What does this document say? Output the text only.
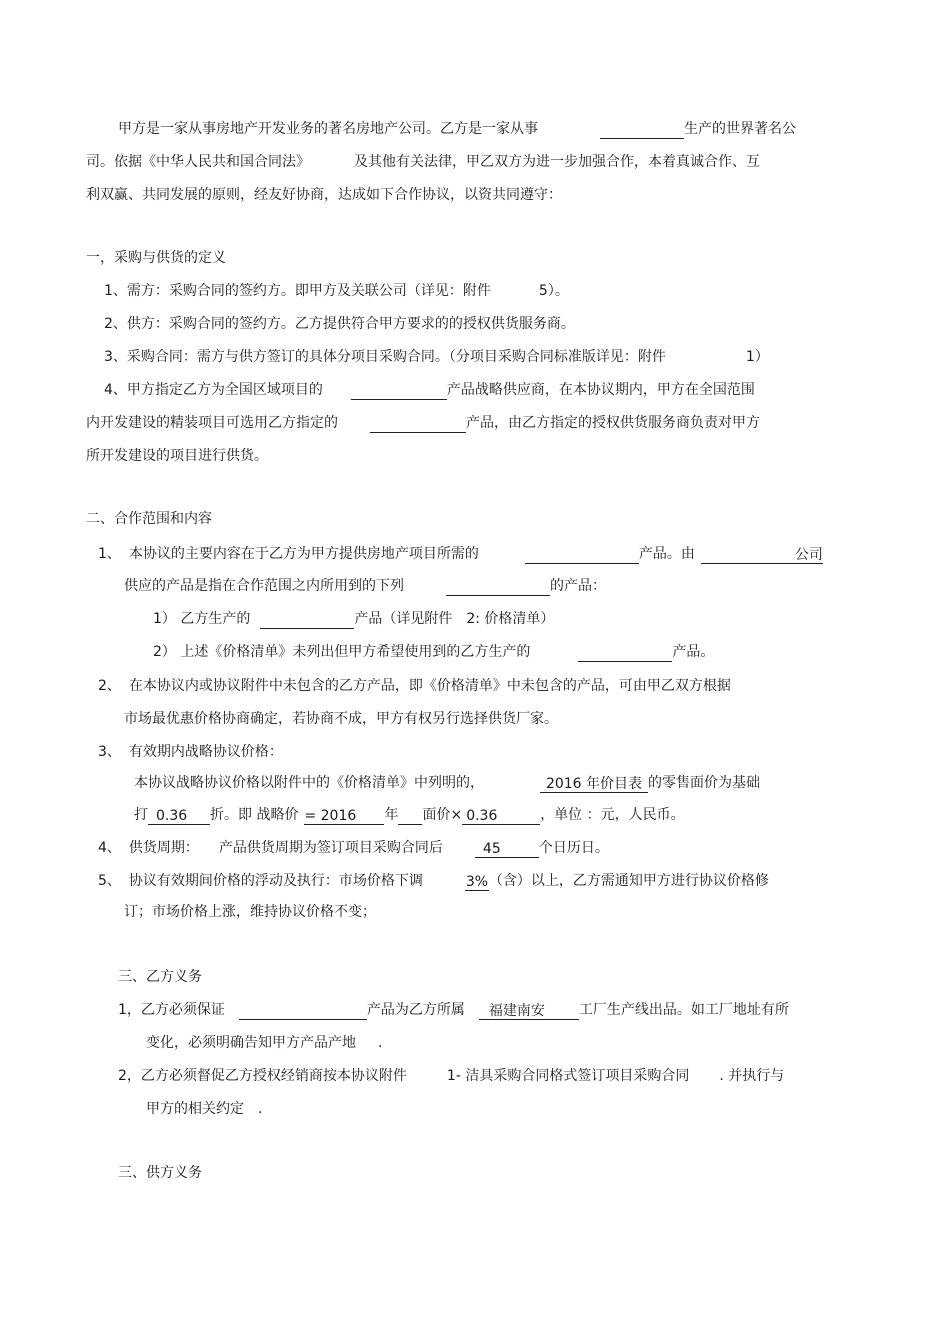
甲方是一家从事房地产开发业务的著名房地产公司。乙方是一家从事	生产的世界著名公
司。依据《中华人民共和国合同法》	及其他有关法律，甲乙双方为进一步加强合作，本着真诚合作、互
利双赢、共同发展的原则，经友好协商，达成如下合作协议，以资共同遵守：
一，采购与供货的定义
1、需方：采购合同的签约方。即甲方及关联公司（详见：附件	5）。
2、供方：采购合同的签约方。乙方提供符合甲方要求的的授权供货服务商。
3、采购合同：需方与供方签订的具体分项目采购合同。（分项目采购合同标准版详见：附件	1）
4、甲方指定乙方为全国区域项目的	产品战略供应商，在本协议期内，甲方在全国范围
内开发建设的精装项目可选用乙方指定的	产品，由乙方指定的授权供货服务商负责对甲方
所开发建设的项目进行供货。
二、合作范围和内容
1、 本协议的主要内容在于乙方为甲方提供房地产项目所需的	产品。由	公司
供应的产品是指在合作范围之内所用到的下列	的产品：
1） 乙方生产的	产品（详见附件 2: 价格清单）
2） 上述《价格清单》未列出但甲方希望使用到的乙方生产的	产品。
2、 在本协议内或协议附件中未包含的乙方产品，即《价格清单》中未包含的产品，可由甲乙双方根据
市场最优惠价格协商确定，若协商不成，甲方有权另行选择供货厂家。
3、 有效期内战略协议价格：
本协议战略协议价格以附件中的《价格清单》中列明的，	2016 年价目表 的零售面价为基础
打 0.36 折。即 战略价 = 2016 年 面价× 0.36	，单位 ：元，人民币。
4、 供货周期： 产品供货周期为签订项目采购合同后	45	个日历日。
5、 协议有效期间价格的浮动及执行：市场价格下调	3%（含）以上，乙方需通知甲方进行协议价格修
订；市场价格上涨，维持协议价格不变；
三、乙方义务
1，乙方必须保证	产品为乙方所属 福建南安 工厂生产线出品。如工厂地址有所
变化，必须明确告知甲方产品产地 .
2，乙方必须督促乙方授权经销商按本协议附件	1- 洁具采购合同格式签订项目采购合同 . 并执行与
甲方的相关约定 .
三、供方义务
